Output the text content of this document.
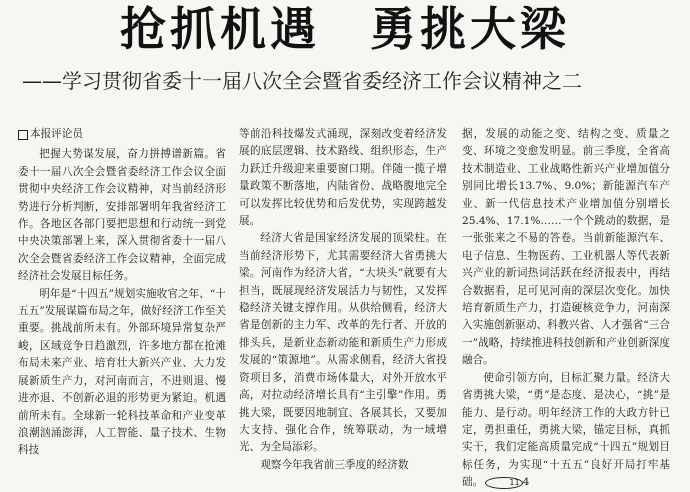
抢抓机遇　勇挑大梁
——学习贯彻省委十一届八次全会暨省委经济工作会议精神之二
本报评论员

把握大势谋发展，奋力拼搏谱新篇。省委十一届八次全会暨省委经济工作会议全面贯彻中央经济工作会议精神，对当前经济形势进行分析判断，安排部署明年我省经济工作。各地区各部门要把思想和行动统一到党中央决策部署上来，深入贯彻省委十一届八次全会暨省委经济工作会议精神，全面完成经济社会发展目标任务。

明年是“十四五”规划实施收官之年、“十五五”发展谋篇布局之年，做好经济工作至关重要。挑战前所未有。外部环境异常复杂严峻，区域竞争日趋激烈，许多地方都在抢滩布局未来产业、培育壮大新兴产业、大力发展新质生产力，对河南而言，不进则退、慢进亦退、不创新必退的形势更为紧迫。机遇前所未有。全球新一轮科技革命和产业变革浪潮汹涌澎湃，人工智能、量子技术、生物科技

等前沿科技爆发式涌现，深刻改变着经济发展的底层逻辑、技术路线、组织形态，生产力跃迁升级迎来重要窗口期。伴随一揽子增量政策不断落地，内陆省份、战略腹地完全可以发挥比较优势和后发优势，实现跨越发展。

经济大省是国家经济发展的顶梁柱。在当前经济形势下，尤其需要经济大省勇挑大梁。河南作为经济大省，“大块头”就要有大担当，既展现经济发展活力与韧性，又发挥稳经济关键支撑作用。从供给侧看，经济大省是创新的主力军、改革的先行者、开放的排头兵，是新业态新动能和新质生产力形成发展的“策源地”。从需求侧看，经济大省投资项目多，消费市场体量大，对外开放水平高，对拉动经济增长具有“主引擎”作用。勇挑大梁，既要因地制宜、各展其长，又要加大支持、强化合作，统筹联动，为一域增光、为全局添彩。

观察今年我省前三季度的经济数

据，发展的动能之变、结构之变、质量之变、环境之变愈发明显。前三季度，全省高技术制造业、工业战略性新兴产业增加值分别同比增长13.7%、9.0%；新能源汽车产业、新一代信息技术产业增加值分别增长25.4%、17.1%……一个个跳动的数据，是一张张来之不易的答卷。当前新能源汽车、电子信息、生物医药、工业机器人等代表新兴产业的新词热词活跃在经济报表中，再结合数据看，足可见河南的深层次变化。加快培育新质生产力，打造硬核竞争力，河南深入实施创新驱动、科教兴省、人才强省“三合一”战略，持续推进科技创新和产业创新深度融合。

使命引领方向，目标汇聚力量。经济大省勇挑大梁，“勇”是态度、是决心，“挑”是能力、是行动。明年经济工作的大政方针已定，勇担重任，勇挑大梁，锚定目标，真抓实干，我们定能高质量完成“十四五”规划目标任务，为实现“十五五”良好开局打牢基础。	11 4
